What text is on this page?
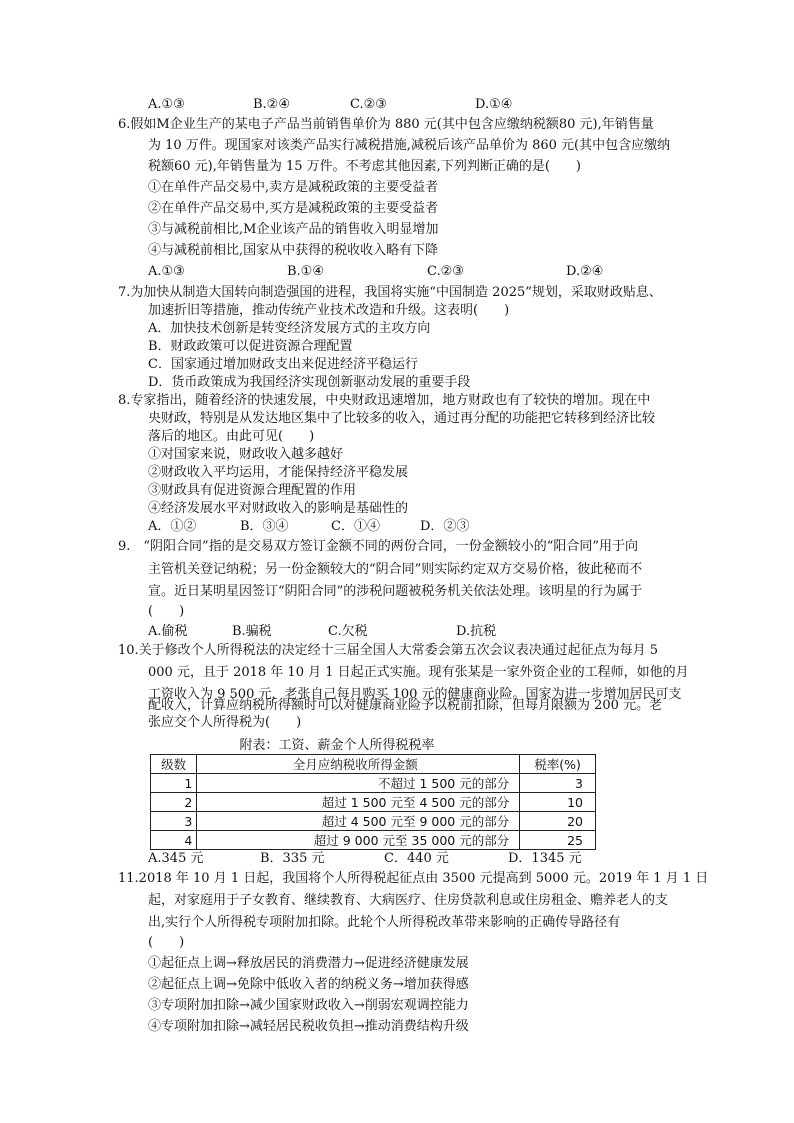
A.①③	B.②④	C.②③	D.①④
6.假如M企业生产的某电子产品当前销售单价为 880 元(其中包含应缴纳税额80 元),年销售量
为 10 万件。现国家对该类产品实行减税措施,减税后该产品单价为 860 元(其中包含应缴纳
税额60 元),年销售量为 15 万件。不考虑其他因素,下列判断正确的是(　　)
①在单件产品交易中,卖方是减税政策的主要受益者
②在单件产品交易中,买方是减税政策的主要受益者
③与减税前相比,M企业该产品的销售收入明显增加
④与减税前相比,国家从中获得的税收收入略有下降
A.①③	B.①④	C.②③	D.②④
7.为加快从制造大国转向制造强国的进程，我国将实施“中国制造 2025”规划，采取财政贴息、
加速折旧等措施，推动传统产业技术改造和升级。这表明(　　)
A．加快技术创新是转变经济发展方式的主攻方向
B．财政政策可以促进资源合理配置
C．国家通过增加财政支出来促进经济平稳运行
D．货币政策成为我国经济实现创新驱动发展的重要手段
8.专家指出，随着经济的快速发展，中央财政迅速增加，地方财政也有了较快的增加。现在中
央财政，特别是从发达地区集中了比较多的收入，通过再分配的功能把它转移到经济比较
落后的地区。由此可见(　　)
①对国家来说，财政收入越多越好
②财政收入平均运用，才能保持经济平稳发展
③财政具有促进资源合理配置的作用
④经济发展水平对财政收入的影响是基础性的
A．①②	B．③④	C．①④	D．②③
9.　“阴阳合同”指的是交易双方签订金额不同的两份合同，一份金额较小的“阳合同”用于向
主管机关登记纳税；另一份金额较大的“阴合同”则实际约定双方交易价格，彼此秘而不
宣。近日某明星因签订“阴阳合同”的涉税问题被税务机关依法处理。该明星的行为属于
(　　)
A.偷税	B.骗税	C.欠税	D.抗税
10.关于修改个人所得税法的决定经十三届全国人大常委会第五次会议表决通过起征点为每月 5
000 元，且于 2018 年 10 月 1 日起正式实施。现有张某是一家外资企业的工程师，如他的月
工资收入为 9 500 元，老张自己每月购买 100 元的健康商业险。国家为进一步增加居民可支
配收入，计算应纳税所得额时可以对健康商业险予以税前扣除，但每月限额为 200 元。老
张应交个人所得税为(　　)
附表：工资、薪金个人所得税税率
级数	全月应纳税收所得金额	税率(%)
1	不超过 1 500 元的部分	3
2	超过 1 500 元至 4 500 元的部分	10
3	超过 4 500 元至 9 000 元的部分	20
4	超过 9 000 元至 35 000 元的部分	25
A.345 元	B．335 元	C．440 元	D．1345 元
11.2018 年 10 月 1 日起，我国将个人所得税起征点由 3500 元提高到 5000 元。2019 年 1 月 1 日
起，对家庭用于子女教育、继续教育、大病医疗、住房贷款利息或住房租金、赡养老人的支
出,实行个人所得税专项附加扣除。此轮个人所得税改革带来影响的正确传导路径有
(　　)
①起征点上调→释放居民的消费潜力→促进经济健康发展
②起征点上调→免除中低收入者的纳税义务→增加获得感
③专项附加扣除→减少国家财政收入→削弱宏观调控能力
④专项附加扣除→减轻居民税收负担→推动消费结构升级
